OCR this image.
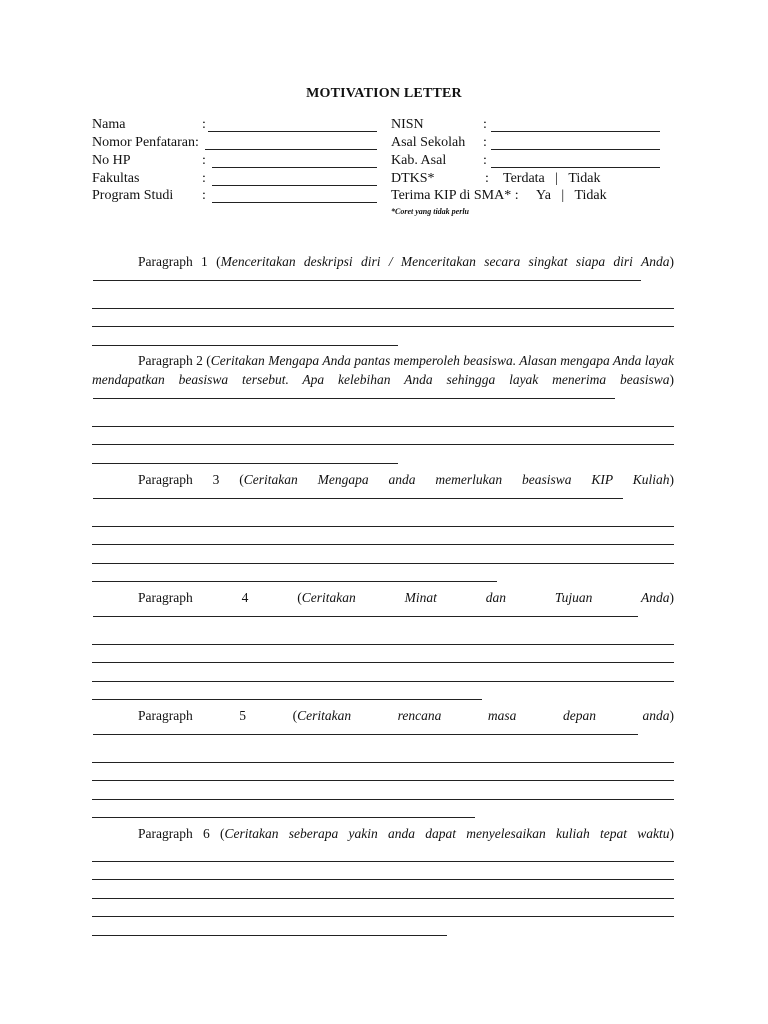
MOTIVATION LETTER
Nama	:
Nomor Penfataran:
No HP	:
Fakultas	:
Program Studi :
NISN	:
Asal Sekolah :
Kab. Asal	:
DTKS*	: Terdata   |   Tidak
Terima KIP di SMA* : Ya   |   Tidak
*Coret yang tidak perlu
Paragraph 1 (Menceritakan deskripsi diri / Menceritakan secara singkat siapa diri Anda)
Paragraph 2 (Ceritakan Mengapa Anda pantas memperoleh beasiswa. Alasan mengapa Anda layak mendapatkan beasiswa tersebut. Apa kelebihan Anda sehingga layak menerima beasiswa)
Paragraph 3 (Ceritakan Mengapa anda memerlukan beasiswa KIP Kuliah)
Paragraph 4 (Ceritakan Minat dan Tujuan Anda)
Paragraph 5 (Ceritakan rencana masa depan anda)
Paragraph 6 (Ceritakan seberapa yakin anda dapat menyelesaikan kuliah tepat waktu)
